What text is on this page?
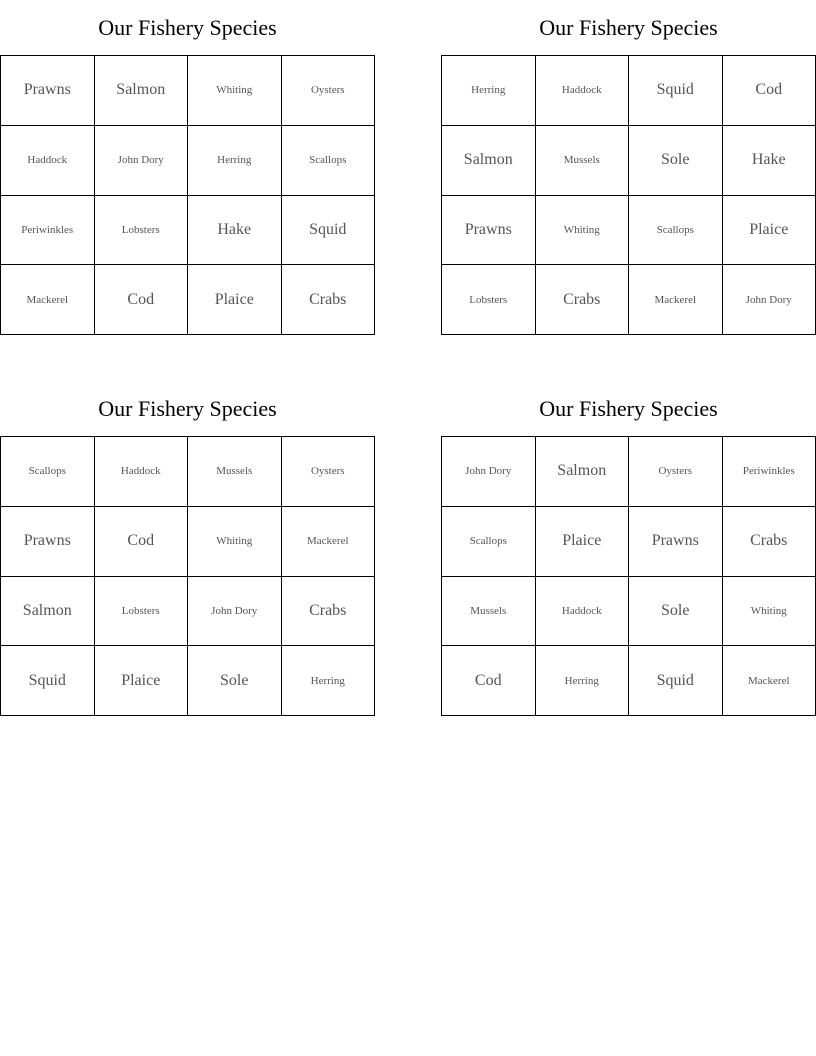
Our Fishery Species
Prawns	Salmon	Whiting	Oysters
Haddock	John Dory	Herring	Scallops
Periwinkles	Lobsters	Hake	Squid
Mackerel	Cod	Plaice	Crabs
Our Fishery Species
Herring	Haddock	Squid	Cod
Salmon	Mussels	Sole	Hake
Prawns	Whiting	Scallops	Plaice
Lobsters	Crabs	Mackerel	John Dory
Our Fishery Species
Scallops	Haddock	Mussels	Oysters
Prawns	Cod	Whiting	Mackerel
Salmon	Lobsters	John Dory	Crabs
Squid	Plaice	Sole	Herring
Our Fishery Species
John Dory	Salmon	Oysters	Periwinkles
Scallops	Plaice	Prawns	Crabs
Mussels	Haddock	Sole	Whiting
Cod	Herring	Squid	Mackerel
